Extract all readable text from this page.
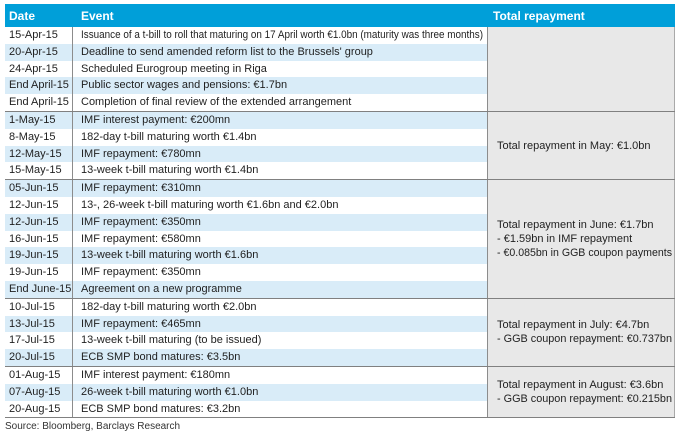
Date	Event	Total repayment
15-Apr-15	Issuance of a t-bill to roll that maturing on 17 April worth €1.0bn (maturity was three months)
20-Apr-15	Deadline to send amended reform list to the Brussels' group
24-Apr-15	Scheduled Eurogroup meeting in Riga
End April-15	Public sector wages and pensions: €1.7bn
End April-15	Completion of final review of the extended arrangement
1-May-15	IMF interest payment: €200mn
8-May-15	182-day t-bill maturing worth €1.4bn
12-May-15	IMF repayment: €780mn
15-May-15	13-week t-bill maturing worth €1.4bn
Total repayment in May: €1.0bn
05-Jun-15	IMF repayment: €310mn
12-Jun-15	13-, 26-week t-bill maturing worth €1.6bn and €2.0bn
12-Jun-15	IMF repayment: €350mn
16-Jun-15	IMF repayment: €580mn
19-Jun-15	13-week t-bill maturing worth €1.6bn
19-Jun-15	IMF repayment: €350mn
End June-15 Agreement on a new programme
Total repayment in June: €1.7bn
- €1.59bn in IMF repayment
- €0.085bn in GGB coupon payments
10-Jul-15	182-day t-bill maturing worth €2.0bn
13-Jul-15	IMF repayment: €465mn
17-Jul-15	13-week t-bill maturing (to be issued)
20-Jul-15	ECB SMP bond matures: €3.5bn
Total repayment in July: €4.7bn
- GGB coupon repayment: €0.737bn
01-Aug-15	IMF interest payment: €180mn
07-Aug-15	26-week t-bill maturing worth €1.0bn
20-Aug-15	ECB SMP bond matures: €3.2bn
Total repayment in August: €3.6bn
- GGB coupon repayment: €0.215bn
Source: Bloomberg, Barclays Research
